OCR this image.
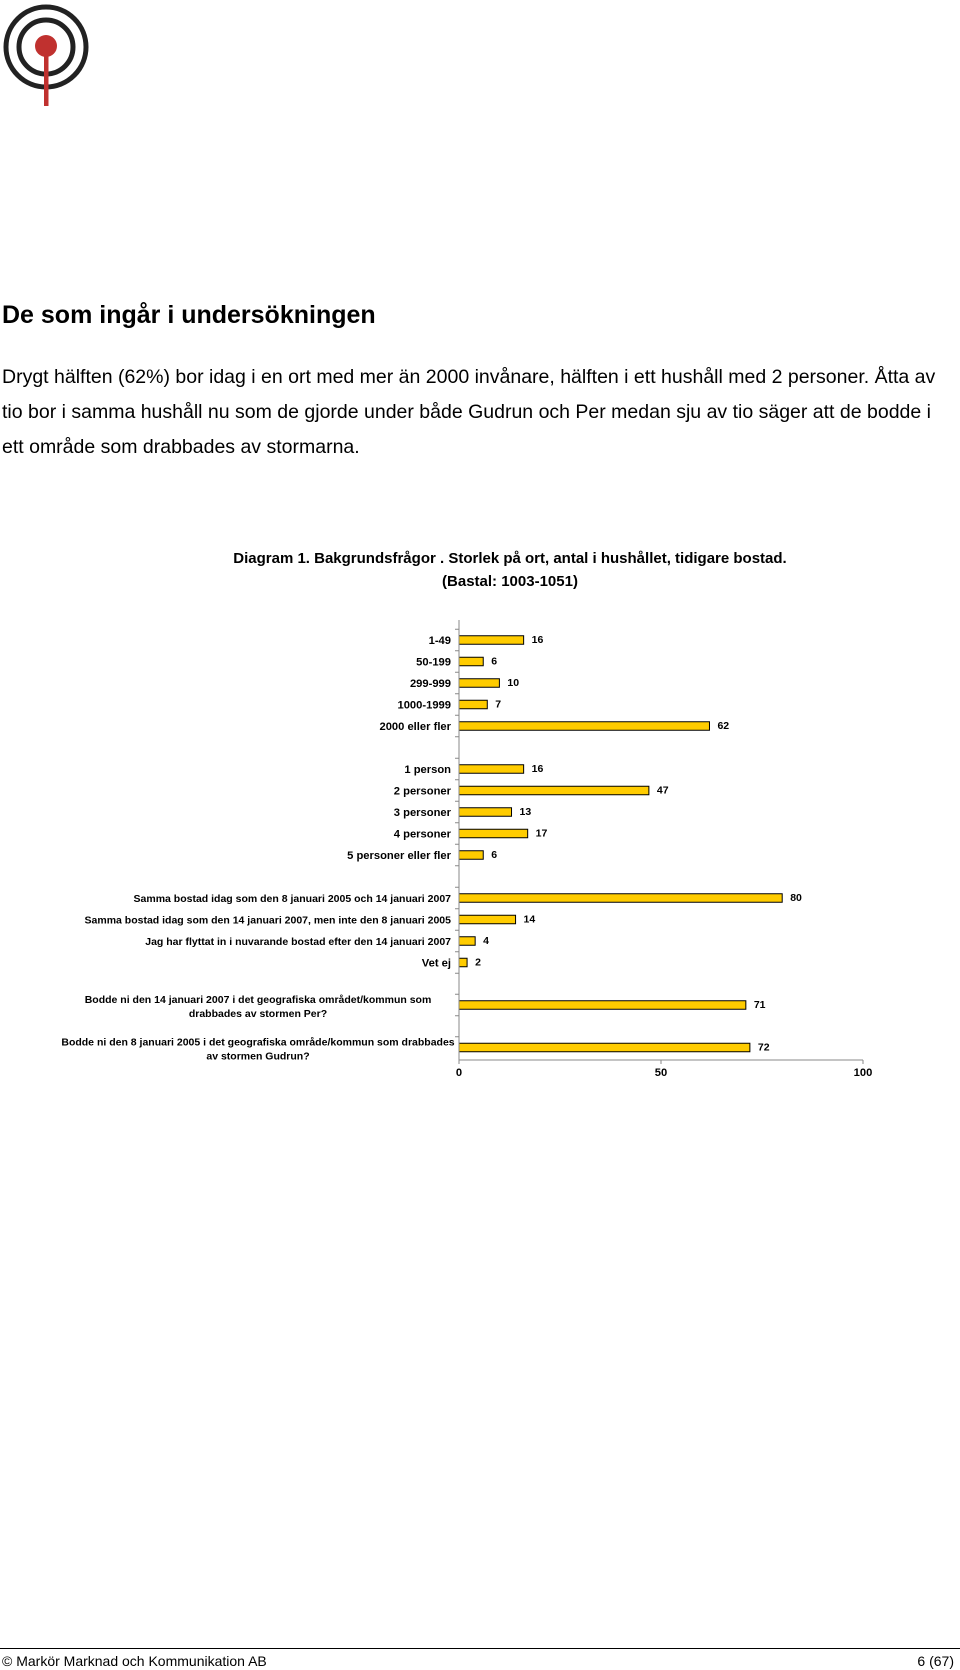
De som ingår i undersökningen

Drygt hälften (62%) bor idag i en ort med mer än 2000 invånare, hälften i ett hushåll med 2 personer. Åtta av tio bor i samma hushåll nu som de gjorde under både Gudrun och Per medan sju av tio säger att de bodde i ett område som drabbades av stormarna.

Diagram 1. Bakgrundsfrågor . Storlek på ort, antal i hushållet, tidigare bostad.
(Bastal: 1003-1051)
1-49	16
50-199	6
299-999	10
1000-1999	7
2000 eller fler	62
1 person	16
2 personer	47
3 personer	13
4 personer	17
5 personer eller fler	6
Samma bostad idag som den 8 januari 2005 och 14 januari 2007	80
Samma bostad idag som den 14 januari 2007, men inte den 8 januari 2005	14
Jag har flyttat in i nuvarande bostad efter den 14 januari 2007	4
Vet ej 2
Bodde ni den 14 januari 2007 i det geografiska området/kommun som
drabbades av stormen Per?
71
Bodde ni den 8 januari 2005 i det geografiska område/kommun som drabbades
av stormen Gudrun?
72
0	50	100
© Markör Marknad och Kommunikation AB	6 (67)
